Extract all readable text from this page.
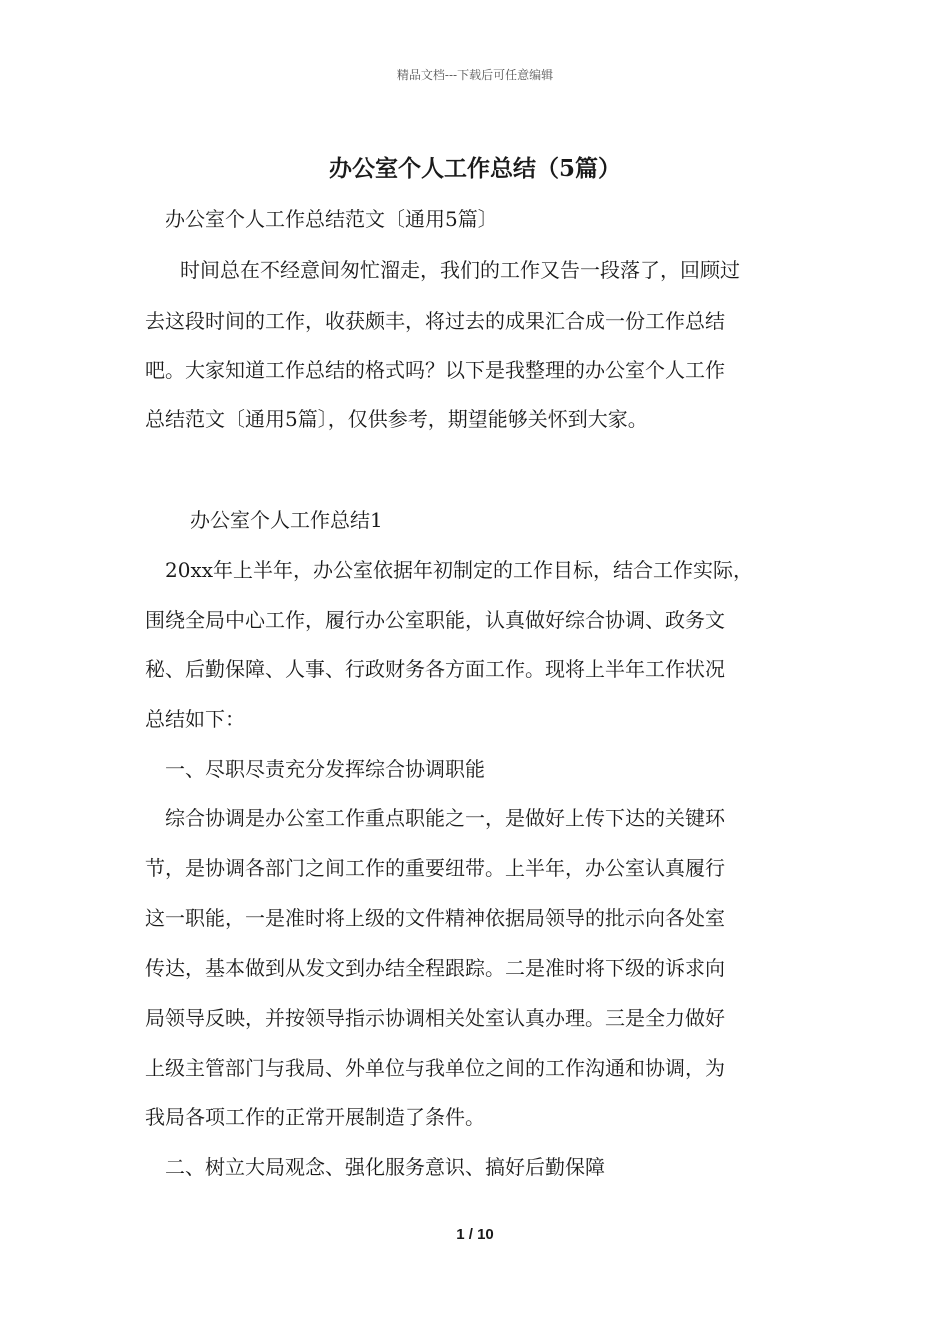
精品文档---下载后可任意编辑
办公室个人工作总结（5篇）
办公室个人工作总结范文〔通用5篇〕
时间总在不经意间匆忙溜走，我们的工作又告一段落了，回顾过
去这段时间的工作，收获颇丰，将过去的成果汇合成一份工作总结
吧。大家知道工作总结的格式吗？以下是我整理的办公室个人工作
总结范文〔通用5篇〕，仅供参考，期望能够关怀到大家。
办公室个人工作总结1
20xx年上半年，办公室依据年初制定的工作目标，结合工作实际，
围绕全局中心工作，履行办公室职能，认真做好综合协调、政务文
秘、后勤保障、人事、行政财务各方面工作。现将上半年工作状况
总结如下：
一、尽职尽责充分发挥综合协调职能
综合协调是办公室工作重点职能之一，是做好上传下达的关键环
节，是协调各部门之间工作的重要纽带。上半年，办公室认真履行
这一职能，一是准时将上级的文件精神依据局领导的批示向各处室
传达，基本做到从发文到办结全程跟踪。二是准时将下级的诉求向
局领导反映，并按领导指示协调相关处室认真办理。三是全力做好
上级主管部门与我局、外单位与我单位之间的工作沟通和协调，为
我局各项工作的正常开展制造了条件。
二、树立大局观念、强化服务意识、搞好后勤保障
1 / 10
